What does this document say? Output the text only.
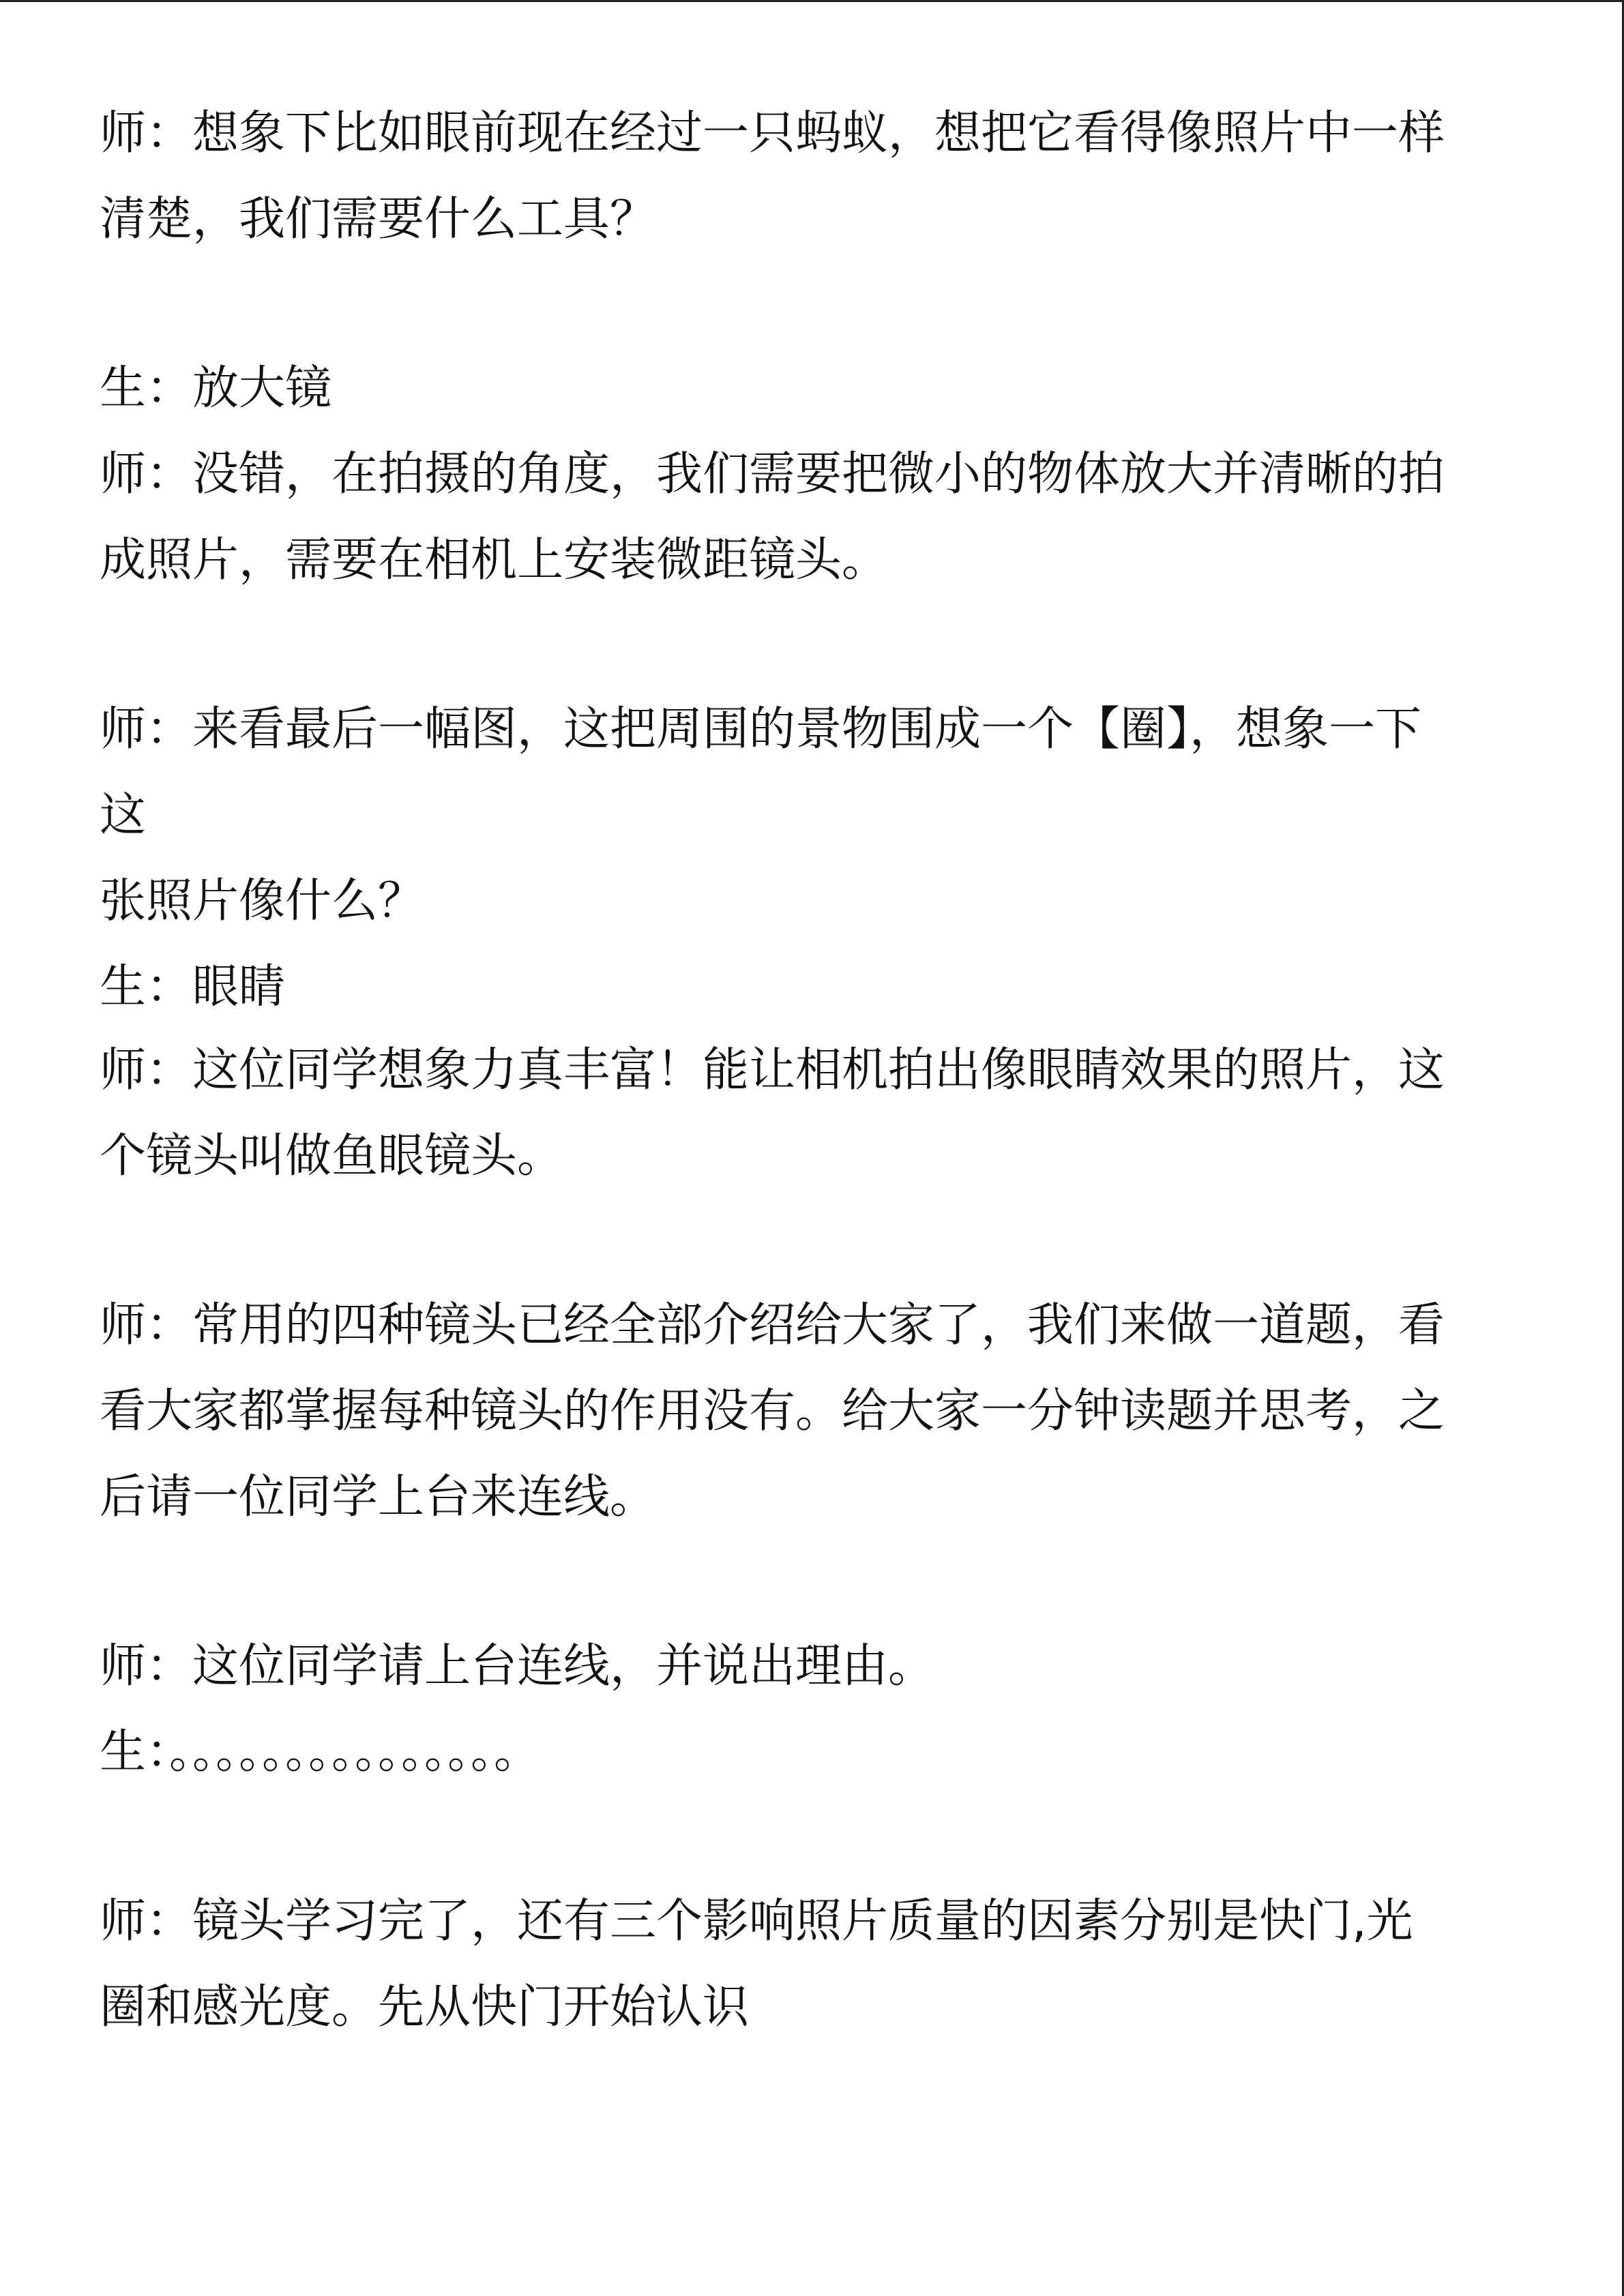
师：想象下比如眼前现在经过一只蚂蚁，想把它看得像照片中一样
清楚，我们需要什么工具？
生：放大镜
师：没错，在拍摄的角度，我们需要把微小的物体放大并清晰的拍
成照片，需要在相机上安装微距镜头。
师：来看最后一幅图，这把周围的景物围成一个【圈】，想象一下
这
张照片像什么？
生：眼睛
师：这位同学想象力真丰富！能让相机拍出像眼睛效果的照片，这
个镜头叫做鱼眼镜头。
师：常用的四种镜头已经全部介绍给大家了，我们来做一道题，看
看大家都掌握每种镜头的作用没有。给大家一分钟读题并思考，之
后请一位同学上台来连线。
师：这位同学请上台连线，并说出理由。
生：。。。。。。。。。。。。。。。
师：镜头学习完了，还有三个影响照片质量的因素分别是快门,光
圈和感光度。先从快门开始认识
